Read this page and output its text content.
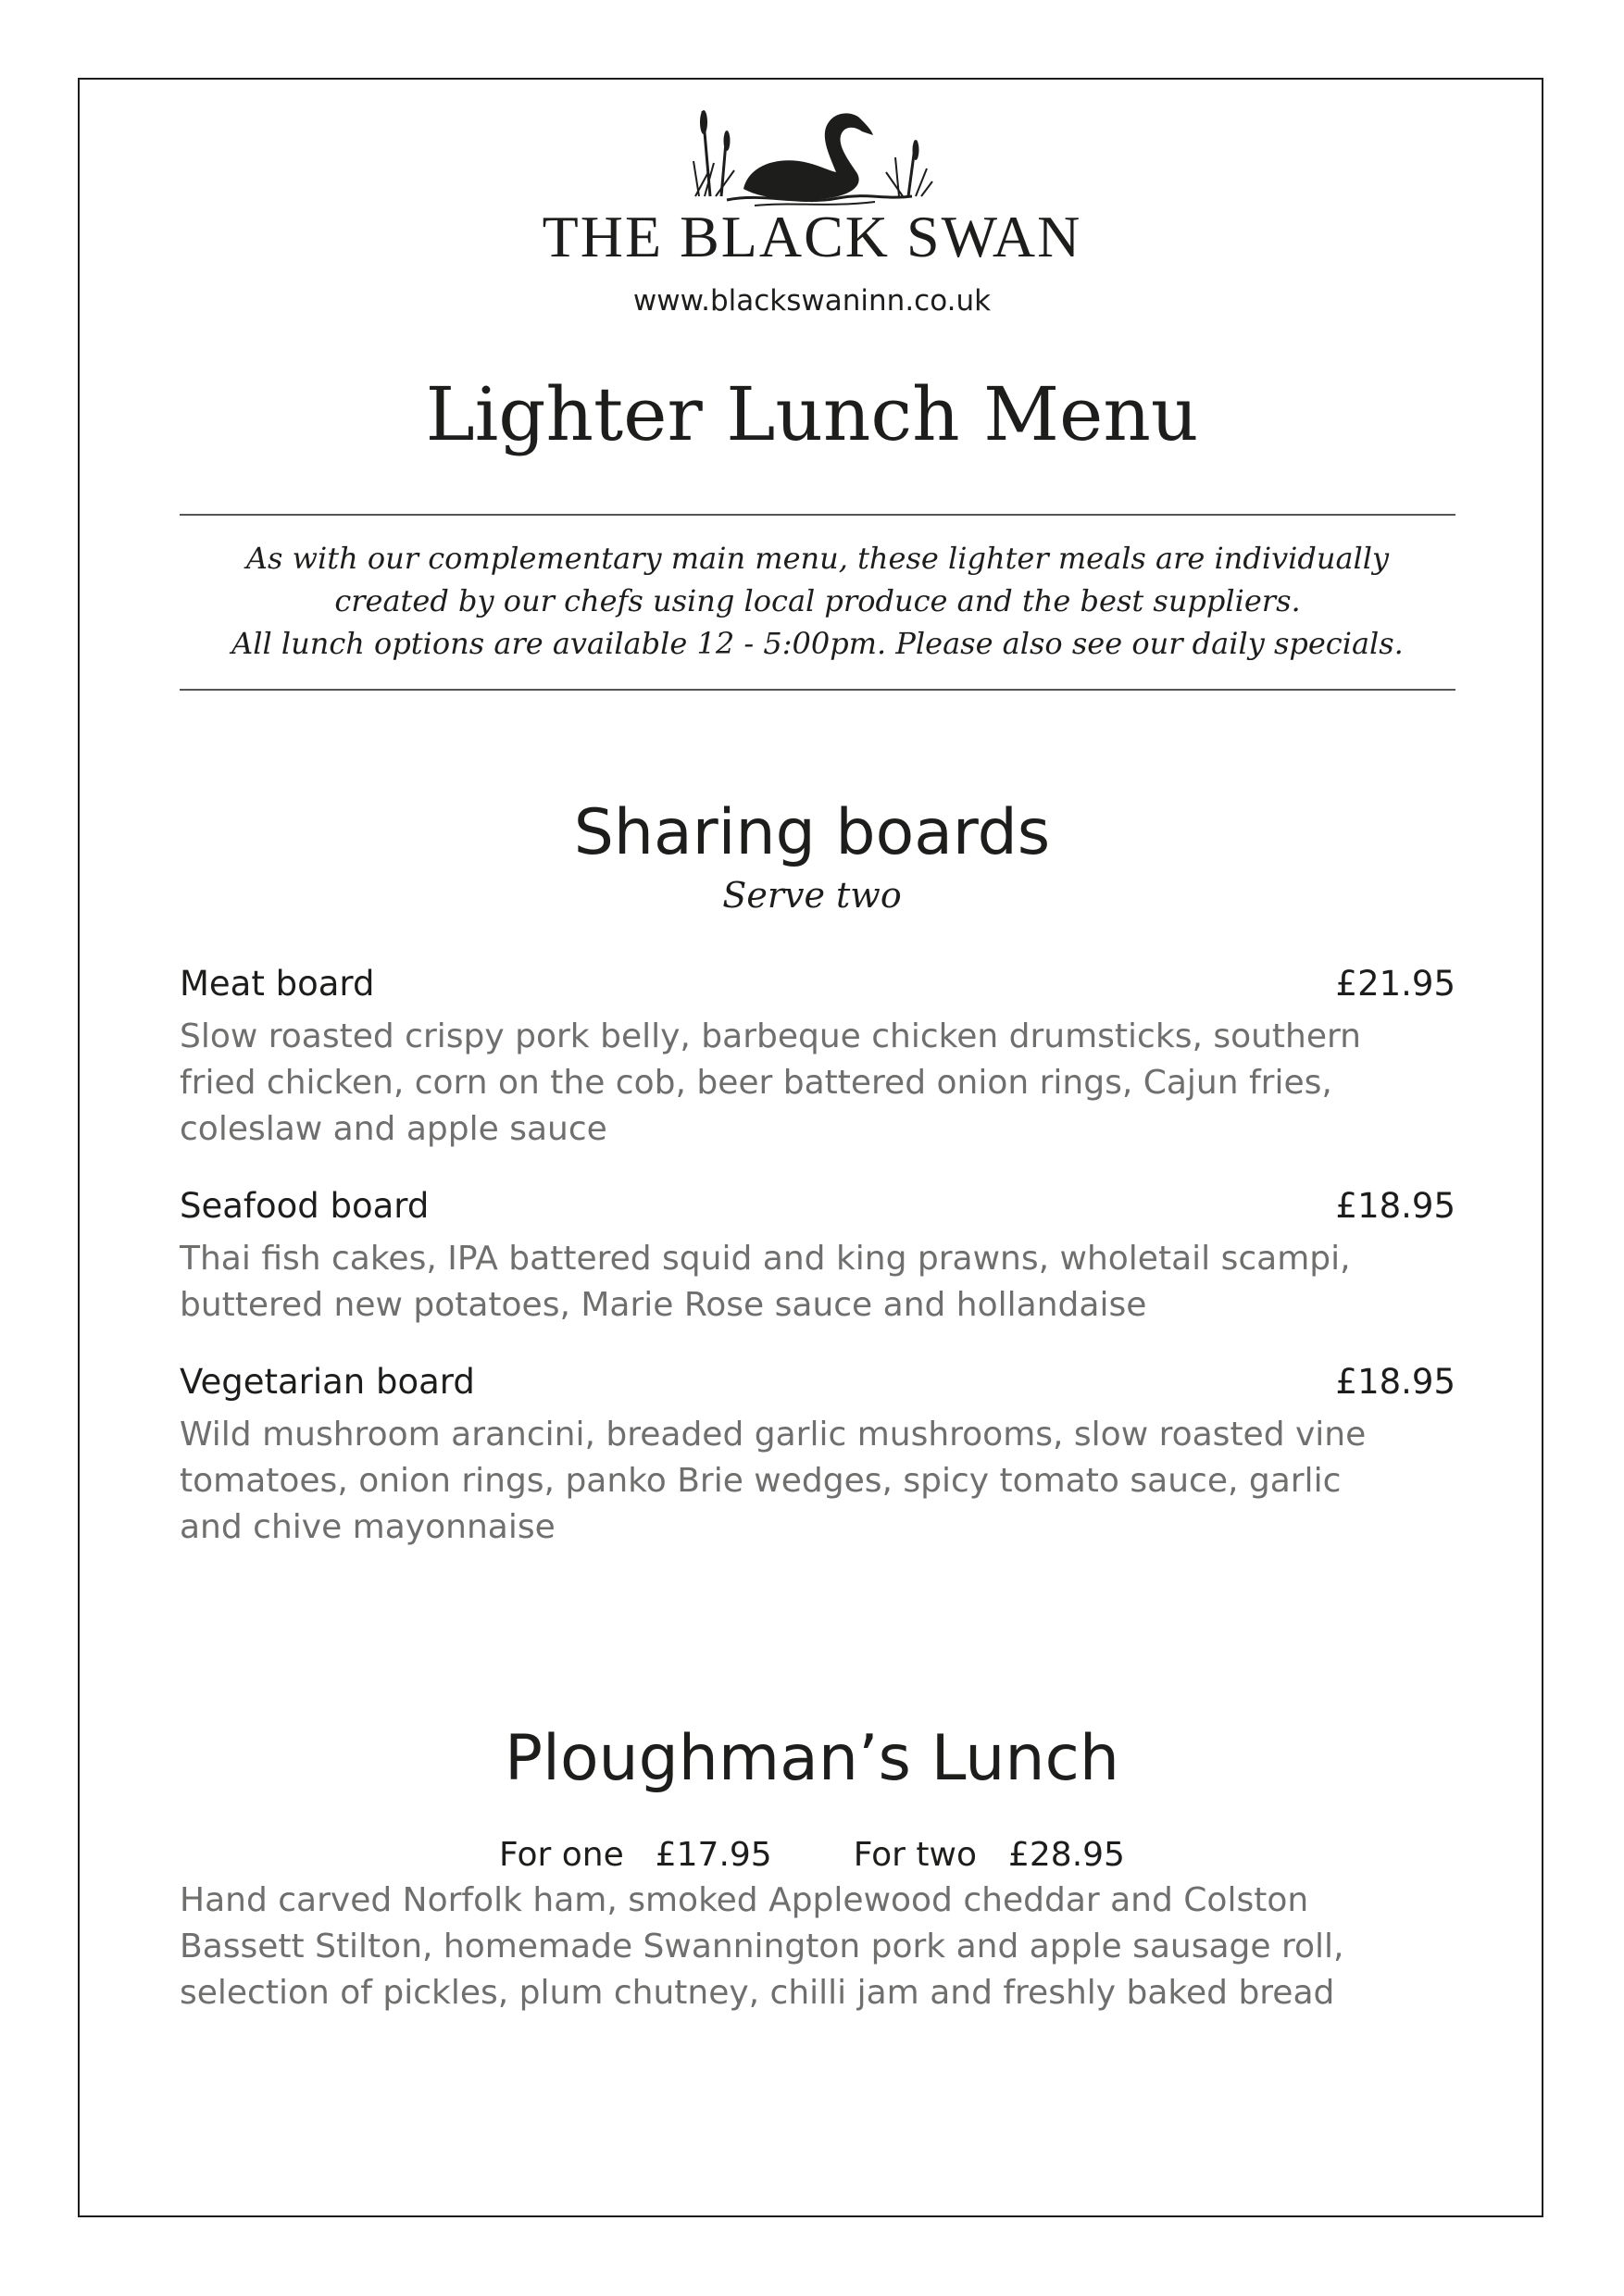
THE BLACK SWAN
www.blackswaninn.co.uk
Lighter Lunch Menu
As with our complementary main menu, these lighter meals are individually
created by our chefs using local produce and the best suppliers.
All lunch options are available 12 - 5:00pm. Please also see our daily specials.
Sharing boards
Serve two
Meat board	£21.95
Slow roasted crispy pork belly, barbeque chicken drumsticks, southern
fried chicken, corn on the cob, beer battered onion rings, Cajun fries,
coleslaw and apple sauce
Seafood board	£18.95
Thai fish cakes, IPA battered squid and king prawns, wholetail scampi,
buttered new potatoes, Marie Rose sauce and hollandaise
Vegetarian board	£18.95
Wild mushroom arancini, breaded garlic mushrooms, slow roasted vine
tomatoes, onion rings, panko Brie wedges, spicy tomato sauce, garlic
and chive mayonnaise
Ploughman’s Lunch
For one £17.95 For two £28.95
Hand carved Norfolk ham, smoked Applewood cheddar and Colston
Bassett Stilton, homemade Swannington pork and apple sausage roll,
selection of pickles, plum chutney, chilli jam and freshly baked bread
